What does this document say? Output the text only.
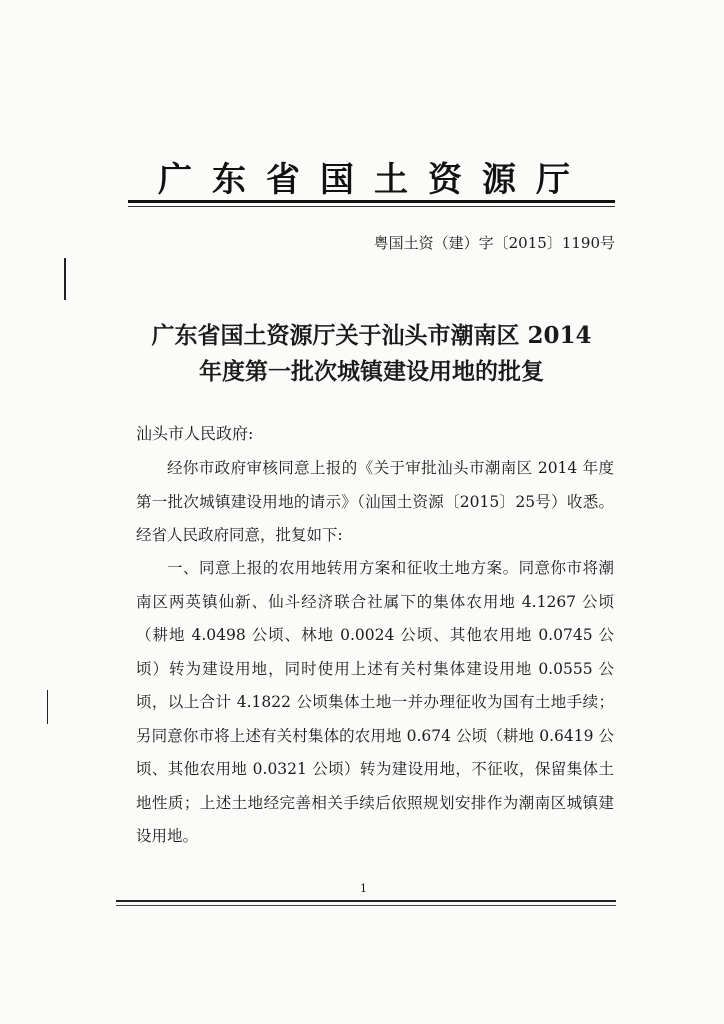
广东省国土资源厅
粤国土资（建）字〔2015〕1190号
广东省国土资源厅关于汕头市潮南区 2014
年度第一批次城镇建设用地的批复
汕头市人民政府:

经你市政府审核同意上报的《关于审批汕头市潮南区 2014 年度第一批次城镇建设用地的请示》（汕国土资源〔2015〕25号）收悉。经省人民政府同意，批复如下:

一、同意上报的农用地转用方案和征收土地方案。同意你市将潮南区两英镇仙新、仙斗经济联合社属下的集体农用地 4.1267 公顷（耕地 4.0498 公顷、林地 0.0024 公顷、其他农用地 0.0745 公顷）转为建设用地，同时使用上述有关村集体建设用地 0.0555 公顷，以上合计 4.1822 公顷集体土地一并办理征收为国有土地手续；另同意你市将上述有关村集体的农用地 0.674 公顷（耕地 0.6419 公顷、其他农用地 0.0321 公顷）转为建设用地，不征收，保留集体土地性质；上述土地经完善相关手续后依照规划安排作为潮南区城镇建设用地。

1
